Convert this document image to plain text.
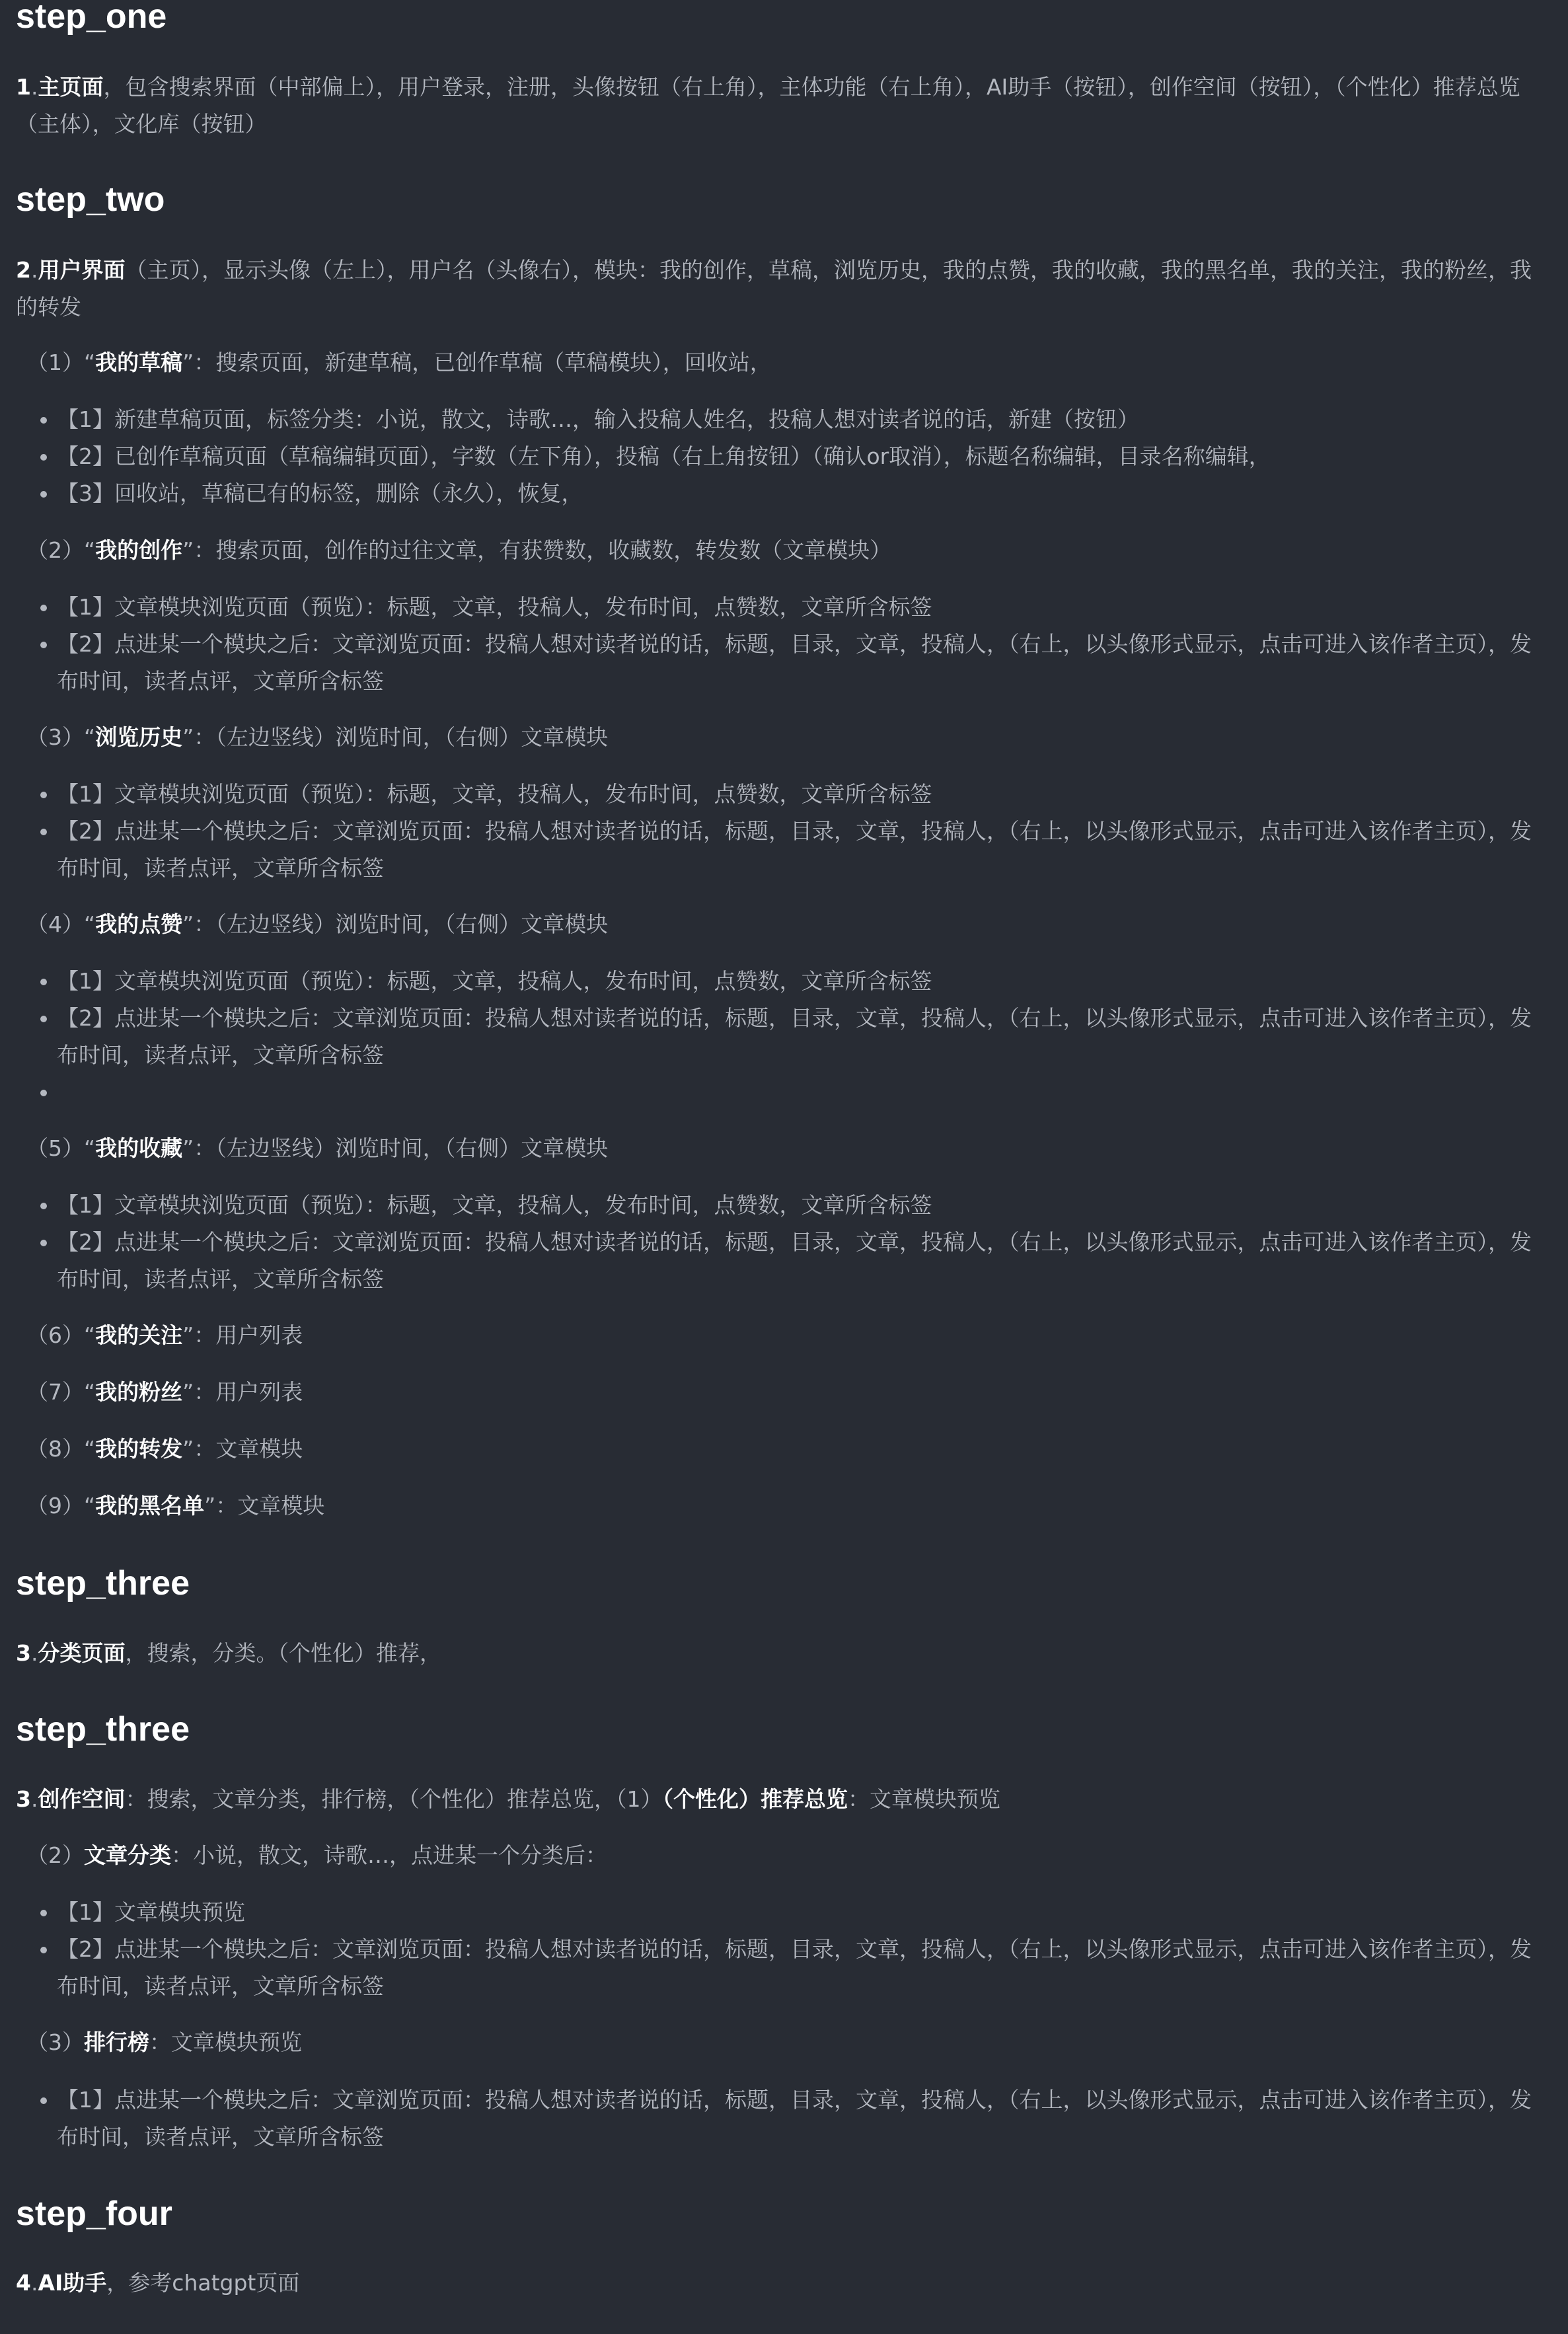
step_one

1.主页面，包含搜索界面（中部偏上），用户登录，注册，头像按钮（右上角），主体功能（右上角），AI助手（按钮），创作空间（按钮），（个性化）推荐总览（主体），文化库（按钮）

step_two

2.用户界面（主页），显示头像（左上），用户名（头像右），模块：我的创作，草稿，浏览历史，我的点赞，我的收藏，我的黑名单，我的关注，我的粉丝，我的转发

（1）“我的草稿”：搜索页面，新建草稿，已创作草稿（草稿模块），回收站，

【1】新建草稿页面，标签分类：小说，散文，诗歌…，输入投稿人姓名，投稿人想对读者说的话，新建（按钮）
【2】已创作草稿页面（草稿编辑页面），字数（左下角），投稿（右上角按钮）（确认or取消），标题名称编辑，目录名称编辑，
【3】回收站，草稿已有的标签，删除（永久），恢复，

（2）“我的创作”：搜索页面，创作的过往文章，有获赞数，收藏数，转发数（文章模块）

【1】文章模块浏览页面（预览）：标题，文章，投稿人，发布时间，点赞数，文章所含标签
【2】点进某一个模块之后：文章浏览页面：投稿人想对读者说的话，标题，目录，文章，投稿人，（右上，以头像形式显示，点击可进入该作者主页），发布时间，读者点评，文章所含标签

（3）“浏览历史”：（左边竖线）浏览时间，（右侧）文章模块

【1】文章模块浏览页面（预览）：标题，文章，投稿人，发布时间，点赞数，文章所含标签
【2】点进某一个模块之后：文章浏览页面：投稿人想对读者说的话，标题，目录，文章，投稿人，（右上，以头像形式显示，点击可进入该作者主页），发布时间，读者点评，文章所含标签

（4）“我的点赞”：（左边竖线）浏览时间，（右侧）文章模块

【1】文章模块浏览页面（预览）：标题，文章，投稿人，发布时间，点赞数，文章所含标签
【2】点进某一个模块之后：文章浏览页面：投稿人想对读者说的话，标题，目录，文章，投稿人，（右上，以头像形式显示，点击可进入该作者主页），发布时间，读者点评，文章所含标签

（5）“我的收藏”：（左边竖线）浏览时间，（右侧）文章模块

【1】文章模块浏览页面（预览）：标题，文章，投稿人，发布时间，点赞数，文章所含标签
【2】点进某一个模块之后：文章浏览页面：投稿人想对读者说的话，标题，目录，文章，投稿人，（右上，以头像形式显示，点击可进入该作者主页），发布时间，读者点评，文章所含标签

（6）“我的关注”：用户列表

（7）“我的粉丝”：用户列表

（8）“我的转发”：文章模块

（9）“我的黑名单”：文章模块

step_three

3.分类页面，搜索，分类。（个性化）推荐，

step_three

3.创作空间：搜索，文章分类，排行榜，（个性化）推荐总览，（1）（个性化）推荐总览：文章模块预览

（2）文章分类：小说，散文，诗歌…，点进某一个分类后：

【1】文章模块预览
【2】点进某一个模块之后：文章浏览页面：投稿人想对读者说的话，标题，目录，文章，投稿人，（右上，以头像形式显示，点击可进入该作者主页），发布时间，读者点评，文章所含标签

（3）排行榜：文章模块预览

【1】点进某一个模块之后：文章浏览页面：投稿人想对读者说的话，标题，目录，文章，投稿人，（右上，以头像形式显示，点击可进入该作者主页），发布时间，读者点评，文章所含标签
step_four

4.AI助手，参考chatgpt页面
